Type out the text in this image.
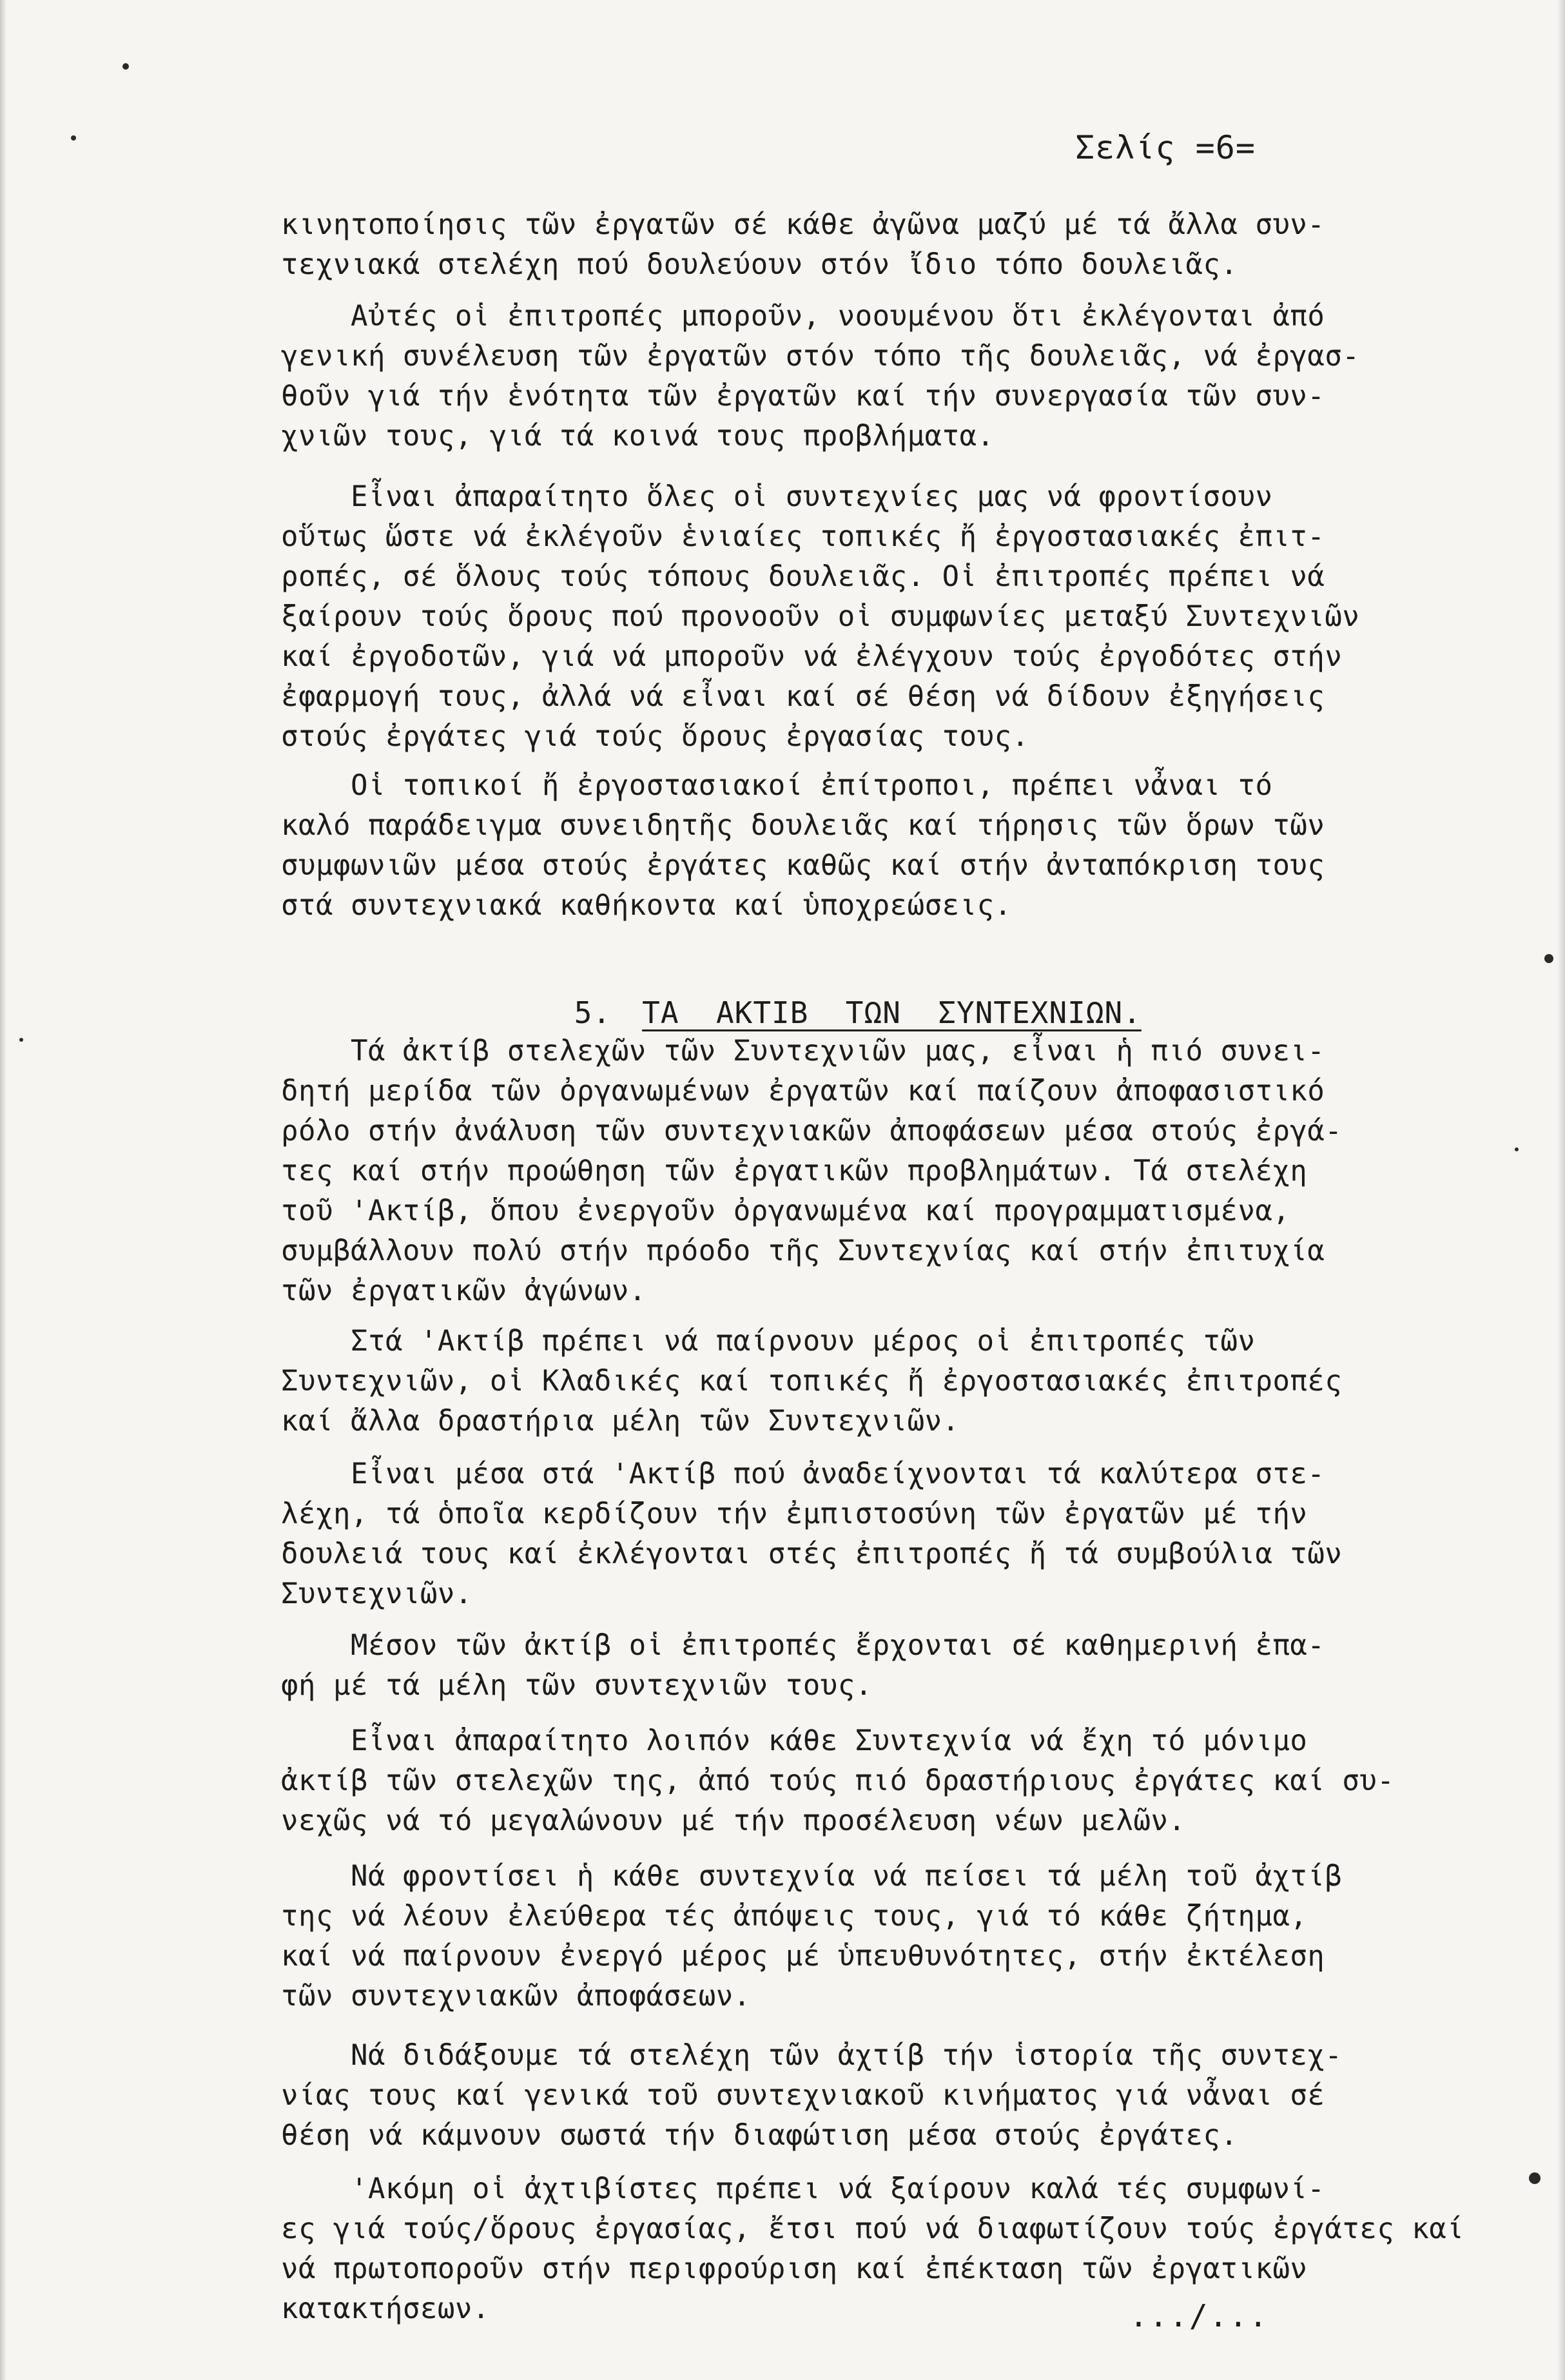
Σελίς =6=
κινητοποίησις τῶν ἐργατῶν σέ κάθε ἀγῶνα μαζύ μέ τά ἄλλα συν-
τεχνιακά στελέχη πού δουλεύουν στόν ἴδιο τόπο δουλειᾶς.
Αὐτές οἱ ἐπιτροπές μποροῦν, νοουμένου ὅτι ἐκλέγονται ἀπό
γενική συνέλευση τῶν ἐργατῶν στόν τόπο τῆς δουλειᾶς, νά ἐργασ-
θοῦν γιά τήν ἑνότητα τῶν ἐργατῶν καί τήν συνεργασία τῶν συν-
χνιῶν τους, γιά τά κοινά τους προβλήματα.
Εἶναι ἀπαραίτητο ὅλες οἱ συντεχνίες μας νά φροντίσουν
οὕτως ὥστε νά ἐκλέγοῦν ἑνιαίες τοπικές ἤ ἐργοστασιακές ἐπιτ-
ροπές, σέ ὅλους τούς τόπους δουλειᾶς. Οἱ ἐπιτροπές πρέπει νά
ξαίρουν τούς ὅρους πού προνοοῦν οἱ συμφωνίες μεταξύ Συντεχνιῶν
καί ἐργοδοτῶν, γιά νά μποροῦν νά ἐλέγχουν τούς ἐργοδότες στήν
ἐφαρμογή τους, ἀλλά νά εἶναι καί σέ θέση νά δίδουν ἐξηγήσεις
στούς ἐργάτες γιά τούς ὅρους ἐργασίας τους.
Οἱ τοπικοί ἤ ἐργοστασιακοί ἐπίτροποι, πρέπει νἆναι τό
καλό παράδειγμα συνειδητῆς δουλειᾶς καί τήρησις τῶν ὅρων τῶν
συμφωνιῶν μέσα στούς ἐργάτες καθῶς καί στήν ἀνταπόκριση τους
στά συντεχνιακά καθήκοντα καί ὑποχρεώσεις.

5. ΤΑ  ΑΚΤΙΒ  ΤΩΝ  ΣΥΝΤΕΧΝΙΩΝ.

Τά ἀκτίβ στελεχῶν τῶν Συντεχνιῶν μας, εἶναι ἡ πιό συνει-
δητή μερίδα τῶν ὀργανωμένων ἐργατῶν καί παίζουν ἀποφασιστικό
ρόλο στήν ἀνάλυση τῶν συντεχνιακῶν ἀποφάσεων μέσα στούς ἐργά-
τες καί στήν προώθηση τῶν ἐργατικῶν προβλημάτων. Τά στελέχη
τοῦ 'Ακτίβ, ὅπου ἐνεργοῦν ὀργανωμένα καί προγραμματισμένα,
συμβάλλουν πολύ στήν πρόοδο τῆς Συντεχνίας καί στήν ἐπιτυχία
τῶν ἐργατικῶν ἀγώνων.
Στά 'Ακτίβ πρέπει νά παίρνουν μέρος οἱ ἐπιτροπές τῶν
Συντεχνιῶν, οἱ Κλαδικές καί τοπικές ἤ ἐργοστασιακές ἐπιτροπές
καί ἄλλα δραστήρια μέλη τῶν Συντεχνιῶν.
Εἶναι μέσα στά 'Ακτίβ πού ἀναδείχνονται τά καλύτερα στε-
λέχη, τά ὁποῖα κερδίζουν τήν ἐμπιστοσύνη τῶν ἐργατῶν μέ τήν
δουλειά τους καί ἐκλέγονται στές ἐπιτροπές ἤ τά συμβούλια τῶν
Συντεχνιῶν.
Μέσον τῶν ἀκτίβ οἱ ἐπιτροπές ἔρχονται σέ καθημερινή ἐπα-
φή μέ τά μέλη τῶν συντεχνιῶν τους.
Εἶναι ἀπαραίτητο λοιπόν κάθε Συντεχνία νά ἔχη τό μόνιμο
ἀκτίβ τῶν στελεχῶν της, ἀπό τούς πιό δραστήριους ἐργάτες καί συ-
νεχῶς νά τό μεγαλώνουν μέ τήν προσέλευση νέων μελῶν.
Νά φροντίσει ἡ κάθε συντεχνία νά πείσει τά μέλη τοῦ ἀχτίβ
της νά λέουν ἐλεύθερα τές ἀπόψεις τους, γιά τό κάθε ζήτημα,
καί νά παίρνουν ἐνεργό μέρος μέ ὑπευθυνότητες, στήν ἐκτέλεση
τῶν συντεχνιακῶν ἀποφάσεων.
Νά διδάξουμε τά στελέχη τῶν ἀχτίβ τήν ἱστορία τῆς συντεχ-
νίας τους καί γενικά τοῦ συντεχνιακοῦ κινήματος γιά νἆναι σέ
θέση νά κάμνουν σωστά τήν διαφώτιση μέσα στούς ἐργάτες.
'Ακόμη οἱ ἀχτιβίστες πρέπει νά ξαίρουν καλά τές συμφωνί-
ες γιά τούς/ὅρους ἐργασίας, ἔτσι πού νά διαφωτίζουν τούς ἐργάτες καί
νά πρωτοποροῦν στήν περιφρούριση καί ἐπέκταση τῶν ἐργατικῶν
κατακτήσεων.	.../...
